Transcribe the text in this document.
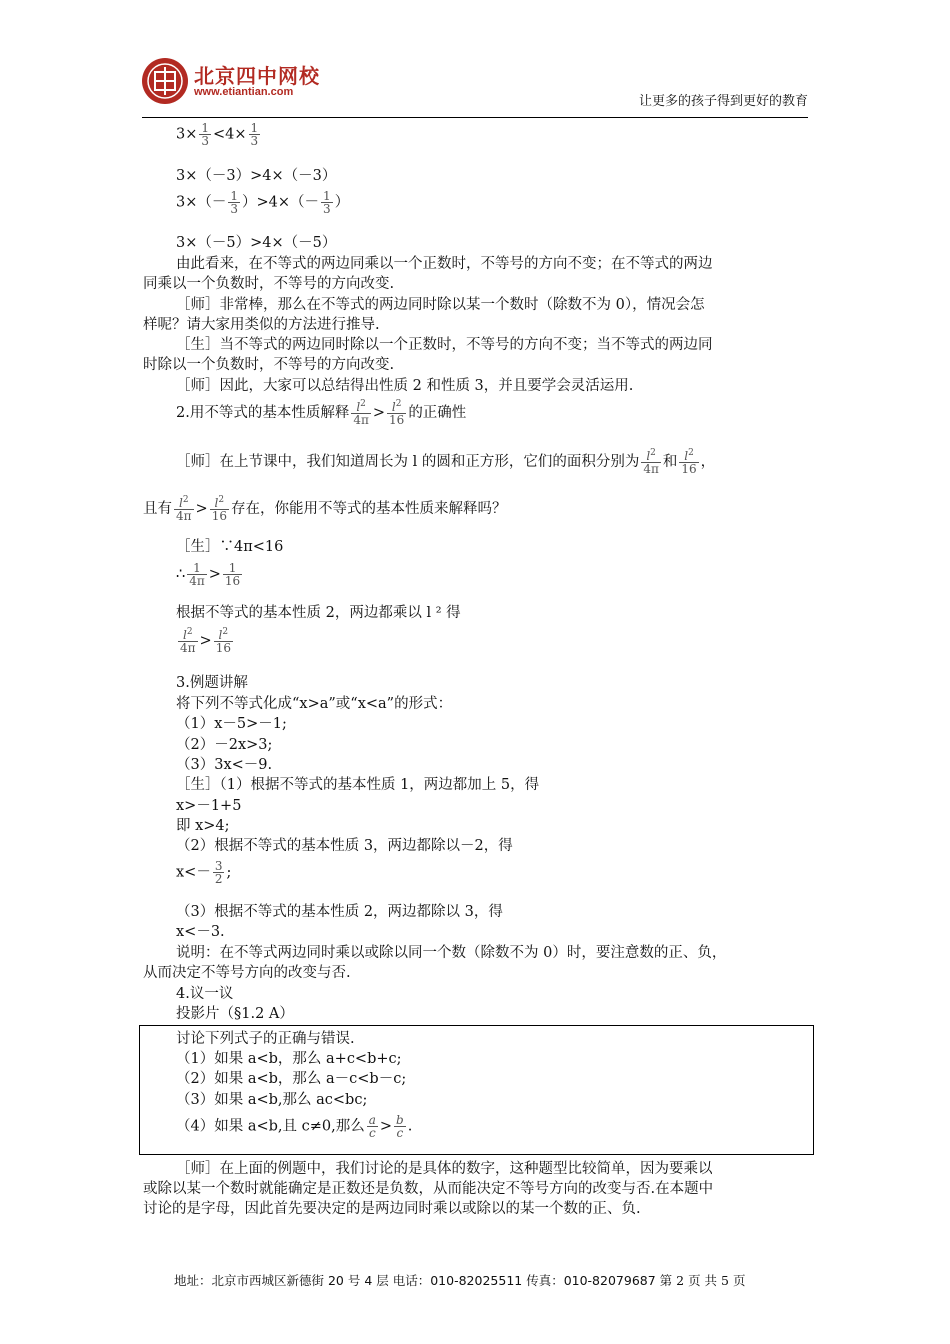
北京四中网校
www.etiantian.com
让更多的孩子得到更好的教育
$3\times \frac{1}{3} <4\times \frac{1}{3}$
3×（－3）>4×（－3）
$3\times(- \frac{1}{3} )>4\times(- \frac{1}{3}$ ）
3×（－5）>4×（－5）
由此看来，在不等式的两边同乘以一个正数时，不等号的方向不变；在不等式的两边
同乘以一个负数时，不等号的方向改变.
［师］非常棒，那么在不等式的两边同时除以某一个数时（除数不为 0），情况会怎
样呢？请大家用类似的方法进行推导.
［生］当不等式的两边同时除以一个正数时，不等号的方向不变；当不等式的两边同
时除以一个负数时，不等号的方向改变.
［师］因此，大家可以总结得出性质 2 和性质 3，并且要学会灵活运用.
2.用不等式的基本性质解释 $\frac{l^2}{4\pi} > \frac{l^2}{16}$ 的正确性
［师］在上节课中，我们知道周长为 l 的圆和正方形，它们的面积分别为 $\frac{l^2}{4\pi}$ 和 $\frac{l^2}{16}$ ，
且有 $\frac{l^2}{4\pi} > \frac{l^2}{16}$ 存在，你能用不等式的基本性质来解释吗？
［生］∵4π<16
∴ $\frac{1}{4\pi} > \frac{1}{16}$
根据不等式的基本性质 2，两边都乘以 l ² 得
$\frac{l^2}{4\pi} > \frac{l^2}{16}$
3.例题讲解
将下列不等式化成“x>a”或“x<a”的形式：
（1）x－5>－1;
（2）－2x>3;
（3）3x<－9.
［生］（1）根据不等式的基本性质 1，两边都加上 5，得
x>－1+5
即 x>4;
（2）根据不等式的基本性质 3，两边都除以－2，得
$x<- \frac{3}{2}$ ;
（3）根据不等式的基本性质 2，两边都除以 3，得
x<－3.
说明：在不等式两边同时乘以或除以同一个数（除数不为 0）时，要注意数的正、负，
从而决定不等号方向的改变与否.
4.议一议
投影片（§1.2 A）
讨论下列式子的正确与错误.
（1）如果 a<b，那么 a+c<b+c;
（2）如果 a<b，那么 a－c<b－c;
（3）如果 a<b,那么 ac<bc;
（4）如果 a<b,且 c≠0,那么 $\frac{a}{c} > \frac{b}{c}$ .
［师］在上面的例题中，我们讨论的是具体的数字，这种题型比较简单，因为要乘以
或除以某一个数时就能确定是正数还是负数，从而能决定不等号方向的改变与否.在本题中
讨论的是字母，因此首先要决定的是两边同时乘以或除以的某一个数的正、负.
地址：北京市西城区新德街 20 号 4 层 电话：010-82025511 传真：010-82079687 第 2 页 共 5 页
